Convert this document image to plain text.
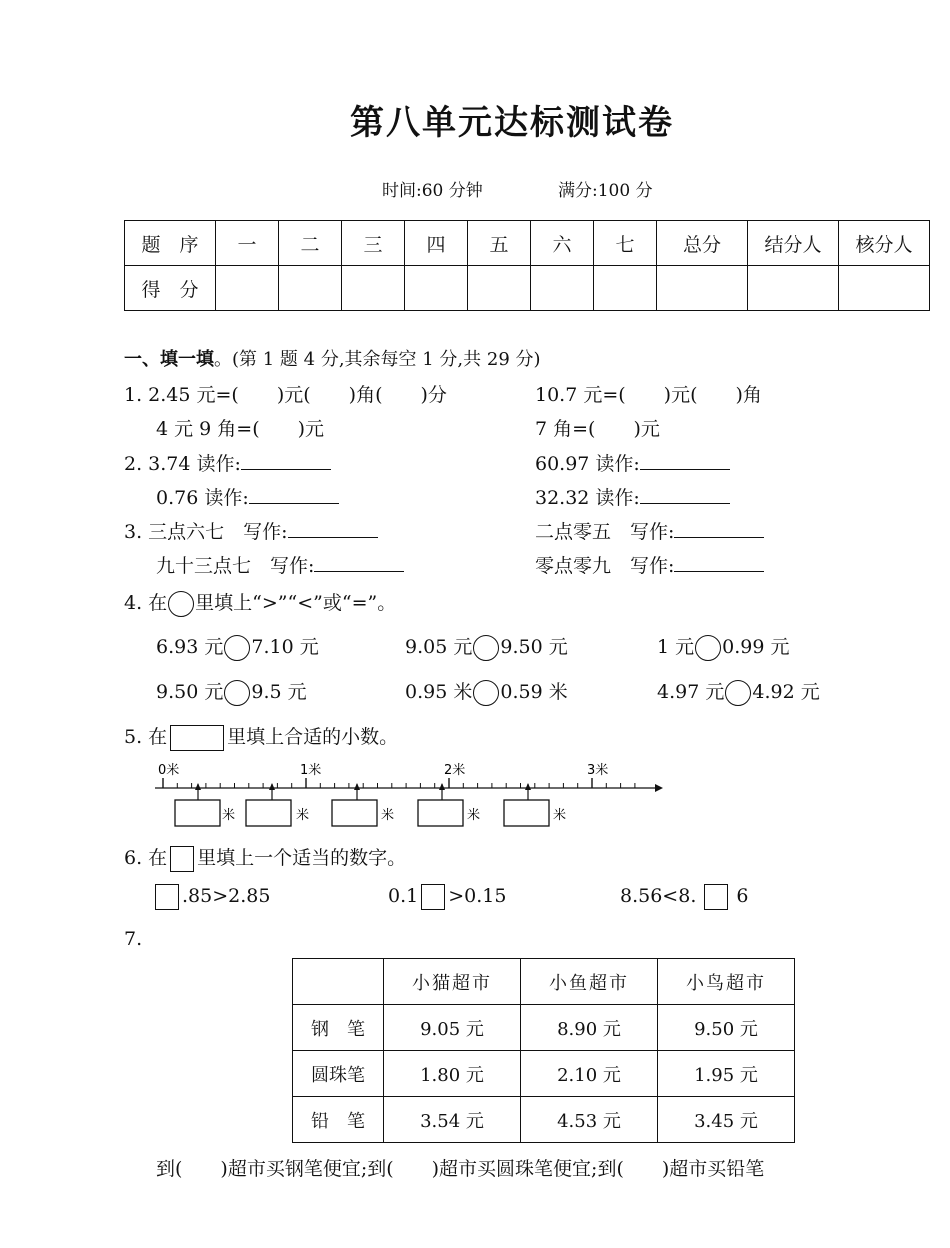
第八单元达标测试卷
时间:60 分钟	满分:100 分
题　序	一	二	三	四	五	六	七	总分	结分人	核分人
得　分										
一、填一填。(第 1 题 4 分,其余每空 1 分,共 29 分)
1. 2.45 元=(　　)元(　　)角(　　)分	10.7 元=(　　)元(　　)角
4 元 9 角=(　　)元	7 角=(　　)元
2. 3.74 读作:	60.97 读作:
0.76 读作:	32.32 读作:
3. 三点六七　写作:	二点零五　写作:
九十三点七　写作:	零点零九　写作:
4. 在 里填上“>”“<”或“=”。
6.93 元 7.10 元	9.05 元 9.50 元	1 元 0.99 元
9.50 元 9.5 元	0.95 米 0.59 米	4.97 元 4.92 元
5. 在	里填上合适的小数。
0米	1米	2米	3米
米	米	米	米	米
6. 在 里填上一个适当的数字。
.85>2.85	0.1 >0.15	8.56<8. 6
7.
	小猫超市	小鱼超市	小鸟超市
钢　笔	9.05 元	8.90 元	9.50 元
圆珠笔	1.80 元	2.10 元	1.95 元
铅　笔	3.54 元	4.53 元	3.45 元
到(　　)超市买钢笔便宜;到(　　)超市买圆珠笔便宜;到(　　)超市买铅笔
